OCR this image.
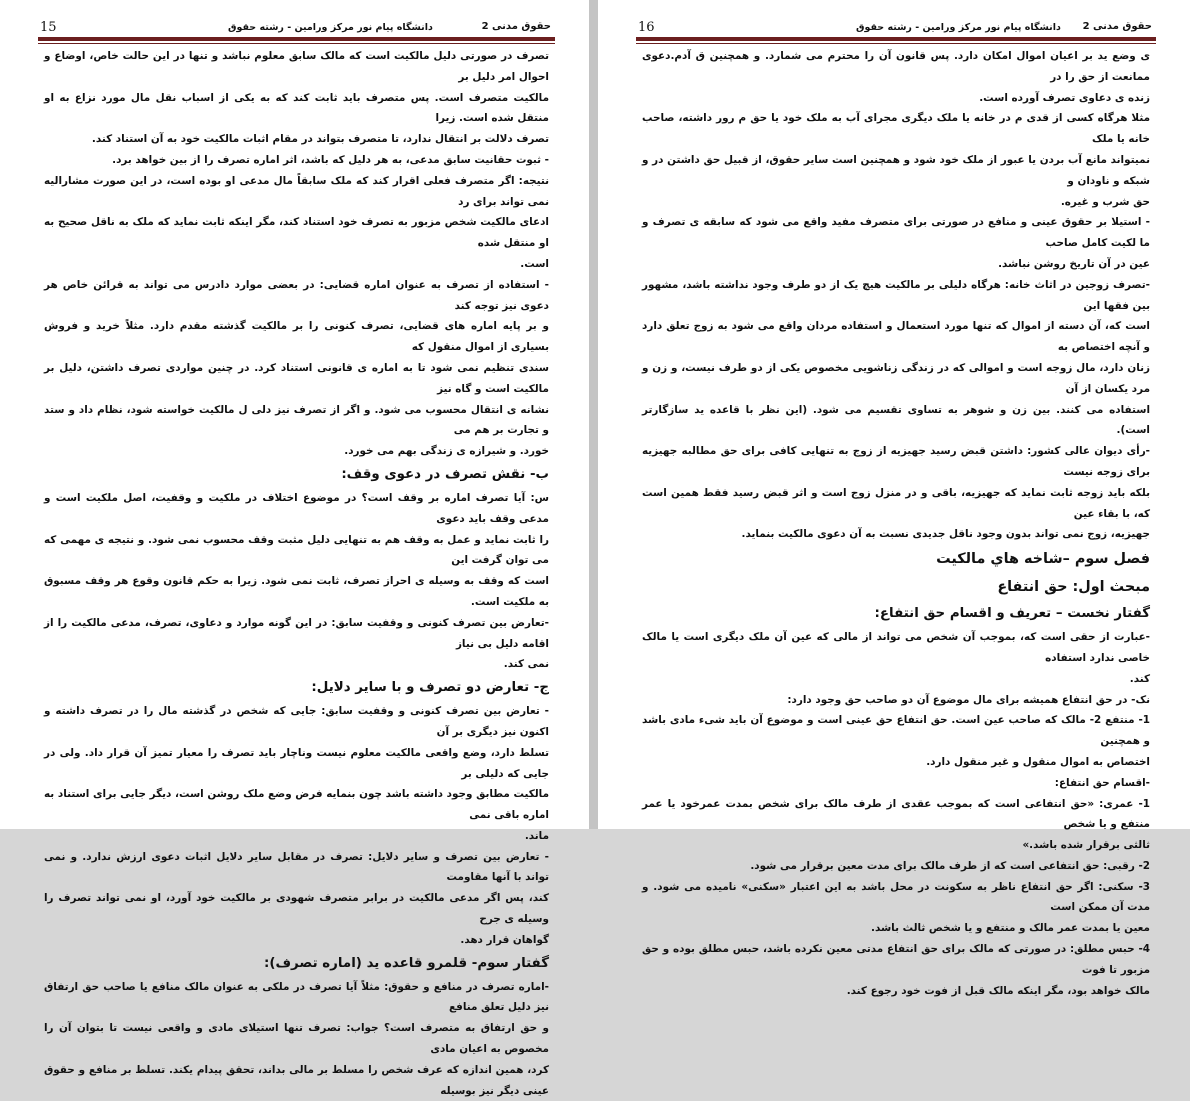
15	دانشگاه پیام نور مرکز ورامین - رشته حقوق	حقوق مدنی 2

تصرف در صورتی دلیل مالکیت است که مالک سابق معلوم نباشد و تنها در این حالت خاص، اوضاع و احوال امر دلیل بر

مالکیت متصرف است. پس متصرف باید ثابت کند که به یکی از اسباب نقل مال مورد نزاع به او منتقل شده است. زیرا

تصرف دلالت بر انتقال ندارد، تا متصرف بتواند در مقام اثبات مالکیت خود به آن استناد کند.

- ثبوت حقانیت سابق مدعی، به هر دلیل که باشد، اثر اماره تصرف را از بین خواهد برد.

نتیجه: اگر متصرف فعلی اقرار کند که ملک سابقاً مال مدعی او بوده است، در این صورت مشارالیه نمی تواند برای رد

ادعای مالکیت شخص مزبور به تصرف خود استناد کند، مگر اینکه ثابت نماید که ملک به ناقل صحیح به او منتقل شده

است.

- استفاده از تصرف به عنوان اماره قضایی: در بعضی موارد دادرس می تواند به قرائن خاص هر دعوی نیز توجه کند

و بر پایه اماره های قضایی، تصرف کنونی را بر مالکیت گذشته مقدم دارد. مثلاً خرید و فروش بسیاری از اموال منقول که

سندی تنظیم نمی شود تا به اماره ی قانونی استناد کرد. در چنین مواردی تصرف داشتن، دلیل بر مالکیت است و گاه نیز

نشانه ی انتقال محسوب می شود. و اگر از تصرف نیز دلی ل مالکیت خواسته شود، نظام داد و ستد و تجارت بر هم می

خورد. و شیرازه ی زندگی بهم می خورد.

ب- نقش تصرف در دعوی وقف:

س: آیا تصرف اماره بر وقف است؟ در موضوع اختلاف در ملکیت و وقفیت، اصل ملکیت است و مدعی وقف باید دعوی

را ثابت نماید و عمل به وقف هم به تنهایی دلیل مثبت وقف محسوب نمی شود. و نتیجه ی مهمی که می توان گرفت این

است که وقف به وسیله ی احراز تصرف، ثابت نمی شود. زیرا به حکم قانون وقوع هر وقف مسبوق به ملکیت است.

-تعارض بین تصرف کنونی و وقفیت سابق: در این گونه موارد و دعاوی، تصرف، مدعی مالکیت را از اقامه دلیل بی نیاز

نمی کند.

ج- تعارض دو تصرف و با سایر دلایل:

- تعارض بین تصرف کنونی و وقفیت سابق: جایی که شخص در گذشته مال را در تصرف داشته و اکنون نیز دیگری بر آن

تسلط دارد، وضع واقعی مالکیت معلوم نیست وناچار باید تصرف را معیار تمیز آن قرار داد. ولی در جایی که دلیلی بر

مالکیت مطابق وجود داشته باشد چون بنمایه فرض وضع ملک روشن است، دیگر جایی برای استناد به اماره باقی نمی

ماند.

- تعارض بین تصرف و سایر دلایل: تصرف در مقابل سایر دلایل اثبات دعوی ارزش ندارد. و نمی تواند با آنها مقاومت

کند، پس اگر مدعی مالکیت در برابر متصرف شهودی بر مالکیت خود آورد، او نمی تواند تصرف را وسیله ی جرح

گواهان قرار دهد.

گفتار سوم- قلمرو قاعده ید (اماره تصرف):

-اماره تصرف در منافع و حقوق: مثلاً آیا تصرف در ملکی به عنوان مالک منافع یا صاحب حق ارتفاق نیز دلیل تعلق منافع

و حق ارتفاق به متصرف است؟ جواب: تصرف تنها استیلای مادی و واقعی نیست تا بتوان آن را مخصوص به اعیان مادی

کرد، همین اندازه که عرف شخص را مسلط بر مالی بداند، تحقق پیدام یکند. تسلط بر منافع و حقوق عینی دیگر نیز بوسیله

16	دانشگاه پیام نور مرکز ورامین - رشته حقوق حقوق مدنی 2

ی وضع ید بر اعیان اموال امکان دارد. پس قانون آن را محترم می شمارد. و همچنین ق آدم.دعوی ممانعت از حق را در

زنده ی دعاوی تصرف آورده است.

مثلا هرگاه کسی از قدی م در خانه یا ملک دیگری مجرای آب به ملک خود یا حق م رور داشته، صاحب خانه یا ملک

نمیتواند مانع آب بردن یا عبور از ملک خود شود و همچنین است سایر حقوق، از قبیل حق داشتن در و شبکه و ناودان و

حق شرب و غیره.

- استیلا بر حقوق عینی و منافع در صورتی برای متصرف مفید واقع می شود که سابقه ی تصرف و ما لکیت کامل صاحب

عین در آن تاریخ روشن نباشد.

-تصرف زوجین در اثاث خانه: هرگاه دلیلی بر مالکیت هیچ یک از دو طرف وجود نداشته باشد، مشهور بین فقها این

است که، آن دسته از اموال که تنها مورد استعمال و استفاده مردان واقع می شود به زوج تعلق دارد و آنچه اختصاص به

زنان دارد، مال زوجه است و اموالی که در زندگی زناشویی مخصوص یکی از دو طرف نیست، و زن و مرد یکسان از آن

استفاده می کنند. بین زن و شوهر به تساوی تقسیم می شود. (این نظر با قاعده ید سازگارتر است).

-رأی دیوان عالی کشور: داشتن قبض رسید جهیزیه از زوج به تنهایی کافی برای حق مطالبه جهیزیه برای زوجه نیست

بلکه باید زوجه ثابت نماید که جهیزیه، باقی و در منزل زوج است و اثر قبض رسید فقط همین است که، با بقاء عین

جهیزیه، زوج نمی تواند بدون وجود ناقل جدیدی نسبت به آن دعوی مالکیت بنماید.

فصل سوم –شاخه هاي مالکيت

مبحث اول: حق انتفاع

گفتار نخست – تعریف و اقسام حق انتفاع:

-عبارت از حقی است که، بموجب آن شخص می تواند از مالی که عین آن ملک دیگری است یا مالک خاصی ندارد استفاده

کند.

نک- در حق انتفاع همیشه برای مال موضوع آن دو صاحب حق وجود دارد:

1- منتفع 2- مالک که صاحب عین است. حق انتفاع حق عینی است و موضوع آن باید شیء مادی باشد و همچنین

اختصاص به اموال منقول و غیر منقول دارد.

-اقسام حق انتفاع:

1- عمری: «حق انتفاعی است که بموجب عقدی از طرف مالک برای شخص بمدت عمرخود یا عمر منتفع و یا شخص

ثالثی برقرار شده باشد.»

2- رقبی: حق انتفاعی است که از طرف مالک برای مدت معین برقرار می شود.

3- سکنی: اگر حق انتفاع ناظر به سکونت در محل باشد به این اعتبار «سکنی» نامیده می شود. و مدت آن ممکن است

معین یا بمدت عمر مالک و منتفع و یا شخص ثالث باشد.

4- حبس مطلق: در صورتی که مالک برای حق انتفاع مدتی معین نکرده باشد، حبس مطلق بوده و حق مزبور تا فوت

مالک خواهد بود، مگر اینکه مالک قبل از فوت خود رجوع کند.
